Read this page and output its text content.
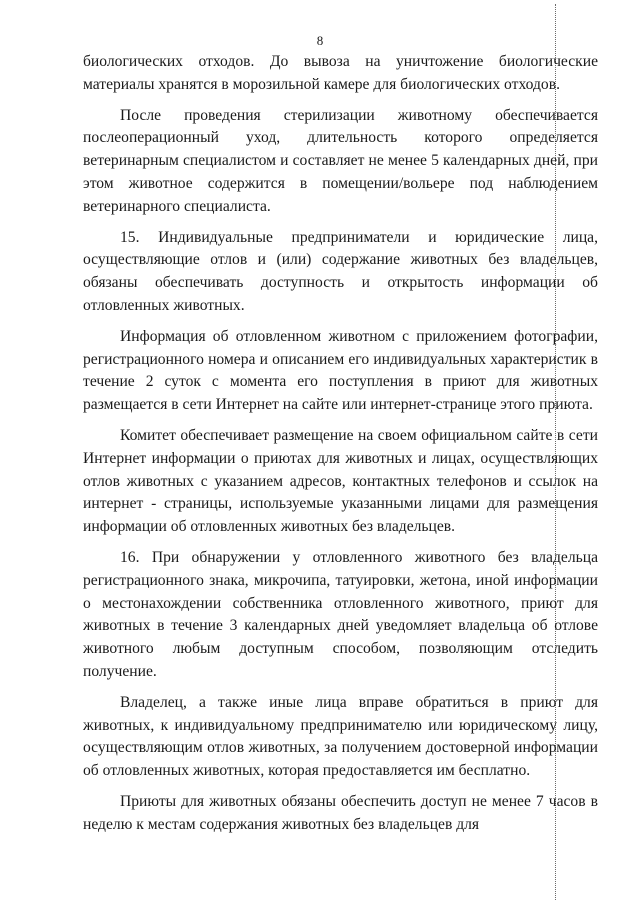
8

биологических отходов. До вывоза на уничтожение биологические материалы хранятся в морозильной камере для биологических отходов.

После проведения стерилизации животному обеспечивается послеоперационный уход, длительность которого определяется ветеринарным специалистом и составляет не менее 5 календарных дней, при этом животное содержится в помещении/вольере под наблюдением ветеринарного специалиста.

15. Индивидуальные предприниматели и юридические лица, осуществляющие отлов и (или) содержание животных без владельцев, обязаны обеспечивать доступность и открытость информации об отловленных животных.

Информация об отловленном животном с приложением фотографии, регистрационного номера и описанием его индивидуальных характеристик в течение 2 суток с момента его поступления в приют для животных размещается в сети Интернет на сайте или интернет-странице этого приюта.

Комитет обеспечивает размещение на своем официальном сайте в сети Интернет информации о приютах для животных и лицах, осуществляющих отлов животных с указанием адресов, контактных телефонов и ссылок на интернет - страницы, используемые указанными лицами для размещения информации об отловленных животных без владельцев.

16. При обнаружении у отловленного животного без владельца регистрационного знака, микрочипа, татуировки, жетона, иной информации о местонахождении собственника отловленного животного, приют для животных в течение 3 календарных дней уведомляет владельца об отлове животного любым доступным способом, позволяющим отследить получение.

Владелец, а также иные лица вправе обратиться в приют для животных, к индивидуальному предпринимателю или юридическому лицу, осуществляющим отлов животных, за получением достоверной информации об отловленных животных, которая предоставляется им бесплатно.

Приюты для животных обязаны обеспечить доступ не менее 7 часов в неделю к местам содержания животных без владельцев для
